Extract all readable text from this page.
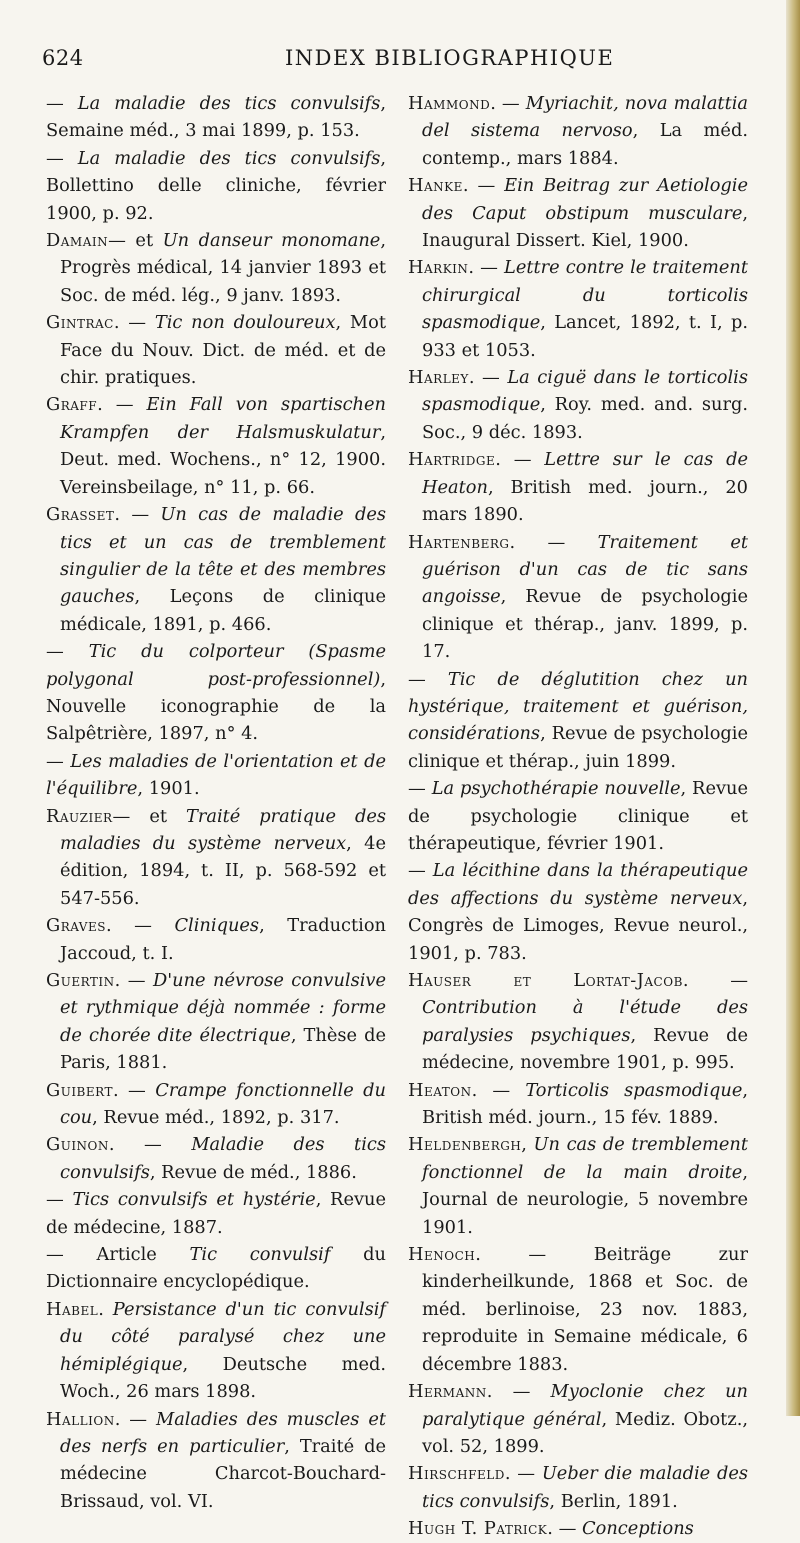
624	INDEX BIBLIOGRAPHIQUE

— La maladie des tics convulsifs, Semaine méd., 3 mai 1899, p. 153.

— La maladie des tics convulsifs, Bollettino delle cliniche, février 1900, p. 92.

Damain— et Un danseur monomane, Progrès médical, 14 janvier 1893 et Soc. de méd. lég., 9 janv. 1893.

Gintrac. — Tic non douloureux, Mot Face du Nouv. Dict. de méd. et de chir. pratiques.

Graff. — Ein Fall von spartischen Krampfen der Halsmuskulatur, Deut. med. Wochens., n° 12, 1900. Vereinsbeilage, n° 11, p. 66.

Grasset. — Un cas de maladie des tics et un cas de tremblement singulier de la tête et des membres gauches, Leçons de clinique médicale, 1891, p. 466.

— Tic du colporteur (Spasme polygonal post-professionnel), Nouvelle iconographie de la Salpêtrière, 1897, n° 4.

— Les maladies de l'orientation et de l'équilibre, 1901.

Rauzier— et Traité pratique des maladies du système nerveux, 4e édition, 1894, t. II, p. 568-592 et 547-556.

Graves. — Cliniques, Traduction Jaccoud, t. I.

Guertin. — D'une névrose convulsive et rythmique déjà nommée : forme de chorée dite électrique, Thèse de Paris, 1881.

Guibert. — Crampe fonctionnelle du cou, Revue méd., 1892, p. 317.

Guinon. — Maladie des tics convulsifs, Revue de méd., 1886.

— Tics convulsifs et hystérie, Revue de médecine, 1887.

— Article Tic convulsif du Dictionnaire encyclopédique.

Habel. Persistance d'un tic convulsif du côté paralysé chez une hémiplégique, Deutsche med. Woch., 26 mars 1898.

Hallion. — Maladies des muscles et des nerfs en particulier, Traité de médecine Charcot-Bouchard-Brissaud, vol. VI.

Hammond. — Myriachit, nova malattia del sistema nervoso, La méd. contemp., mars 1884.

Hanke. — Ein Beitrag zur Aetiologie des Caput obstipum musculare, Inaugural Dissert. Kiel, 1900.

Harkin. — Lettre contre le traitement chirurgical du torticolis spasmodique, Lancet, 1892, t. I, p. 933 et 1053.

Harley. — La ciguë dans le torticolis spasmodique, Roy. med. and. surg. Soc., 9 déc. 1893.

Hartridge. — Lettre sur le cas de Heaton, British med. journ., 20 mars 1890.

Hartenberg. — Traitement et guérison d'un cas de tic sans angoisse, Revue de psychologie clinique et thérap., janv. 1899, p. 17.

— Tic de déglutition chez un hystérique, traitement et guérison, considérations, Revue de psychologie clinique et thérap., juin 1899.

— La psychothérapie nouvelle, Revue de psychologie clinique et thérapeutique, février 1901.

— La lécithine dans la thérapeutique des affections du système nerveux, Congrès de Limoges, Revue neurol., 1901, p. 783.

Hauser et Lortat-Jacob. — Contribution à l'étude des paralysies psychiques, Revue de médecine, novembre 1901, p. 995.

Heaton. — Torticolis spasmodique, British méd. journ., 15 fév. 1889.

Heldenbergh, Un cas de tremblement fonctionnel de la main droite, Journal de neurologie, 5 novembre 1901.

Henoch. — Beiträge zur kinderheilkunde, 1868 et Soc. de méd. berlinoise, 23 nov. 1883, reproduite in Semaine médicale, 6 décembre 1883.

Hermann. — Myoclonie chez un paralytique général, Mediz. Obotz., vol. 52, 1899.

Hirschfeld. — Ueber die maladie des tics convulsifs, Berlin, 1891.

Hugh T. Patrick. — Conceptions
